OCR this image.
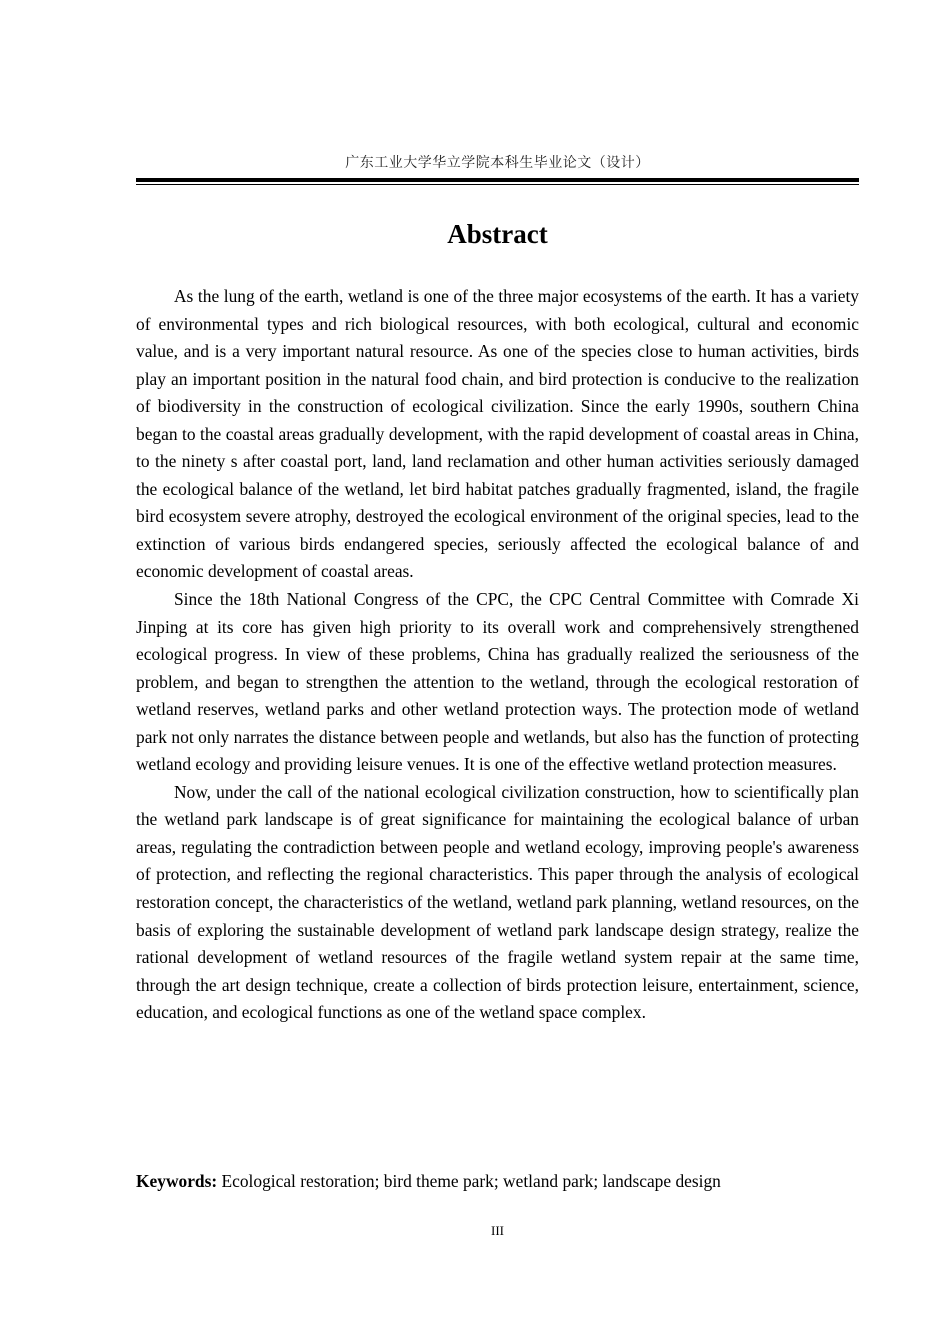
广东工业大学华立学院本科生毕业论文（设计）
Abstract

As the lung of the earth, wetland is one of the three major ecosystems of the earth. It has a variety of environmental types and rich biological resources, with both ecological, cultural and economic value, and is a very important natural resource. As one of the species close to human activities, birds play an important position in the natural food chain, and bird protection is conducive to the realization of biodiversity in the construction of ecological civilization. Since the early 1990s, southern China began to the coastal areas gradually development, with the rapid development of coastal areas in China, to the ninety s after coastal port, land, land reclamation and other human activities seriously damaged the ecological balance of the wetland, let bird habitat patches gradually fragmented, island, the fragile bird ecosystem severe atrophy, destroyed the ecological environment of the original species, lead to the extinction of various birds endangered species, seriously affected the ecological balance of and economic development of coastal areas.

Since the 18th National Congress of the CPC, the CPC Central Committee with Comrade Xi Jinping at its core has given high priority to its overall work and comprehensively strengthened ecological progress. In view of these problems, China has gradually realized the seriousness of the problem, and began to strengthen the attention to the wetland, through the ecological restoration of wetland reserves, wetland parks and other wetland protection ways. The protection mode of wetland park not only narrates the distance between people and wetlands, but also has the function of protecting wetland ecology and providing leisure venues. It is one of the effective wetland protection measures.

Now, under the call of the national ecological civilization construction, how to scientifically plan the wetland park landscape is of great significance for maintaining the ecological balance of urban areas, regulating the contradiction between people and wetland ecology, improving people's awareness of protection, and reflecting the regional characteristics. This paper through the analysis of ecological restoration concept, the characteristics of the wetland, wetland park planning, wetland resources, on the basis of exploring the sustainable development of wetland park landscape design strategy, realize the rational development of wetland resources of the fragile wetland system repair at the same time, through the art design technique, create a collection of birds protection leisure, entertainment, science, education, and ecological functions as one of the wetland space complex.

Keywords: Ecological restoration; bird theme park; wetland park; landscape design
III
